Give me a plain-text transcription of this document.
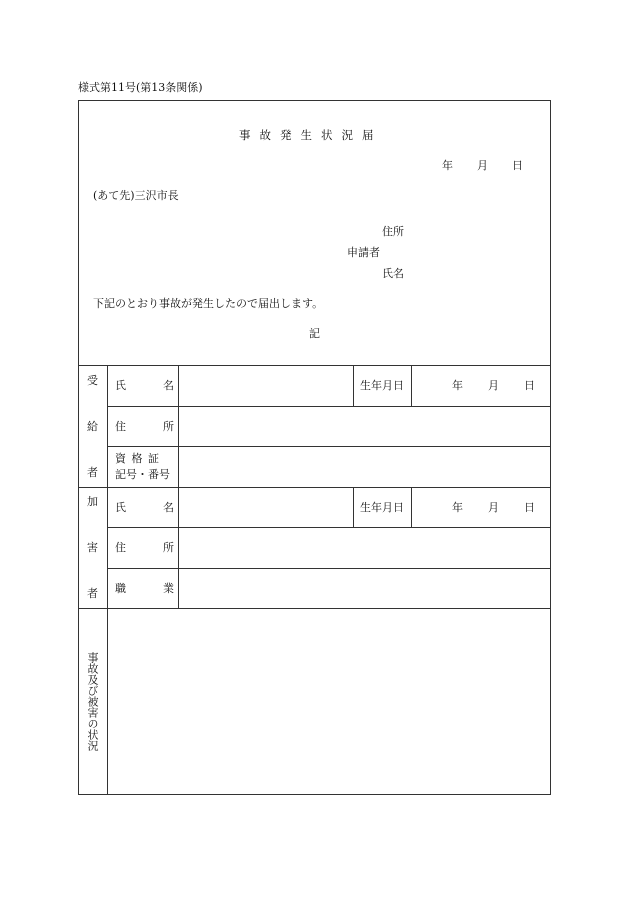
様式第11号(第13条関係)
事故発生状況届
年 月 日
(あて先)三沢市長
住所
申請者
氏名
下記のとおり事故が発生したので届出します。
記
受
給
者
氏	名	生年月日	年 月 日
住	所
資 格 証
記号・番号
加
害
者
氏	名	生年月日	年 月 日
住	所
職	業
事故及び被害の状況
